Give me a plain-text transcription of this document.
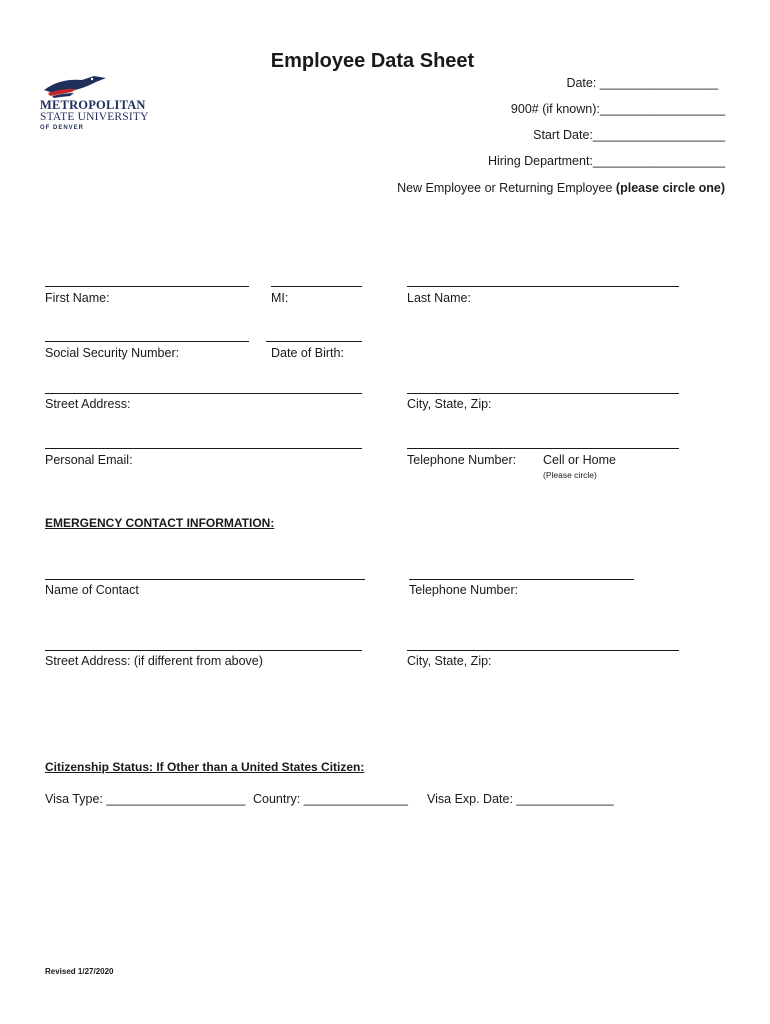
METROPOLITAN
STATE UNIVERSITY
OF DENVER
Employee Data Sheet
Date: _________________
900# (if known):__________________
Start Date:___________________
Hiring Department:___________________
New Employee or Returning Employee (please circle one)
First Name:	MI:	Last Name:
Social Security Number:	Date of Birth:
Street Address:	City, State, Zip:
Personal Email:	Telephone Number: Cell or Home
(Please circle)
EMERGENCY CONTACT INFORMATION:
Name of Contact	Telephone Number:
Street Address: (if different from above)	City, State, Zip:
Citizenship Status: If Other than a United States Citizen:
Visa Type: ____________________ Country: _______________ Visa Exp. Date: ______________
Revised 1/27/2020
